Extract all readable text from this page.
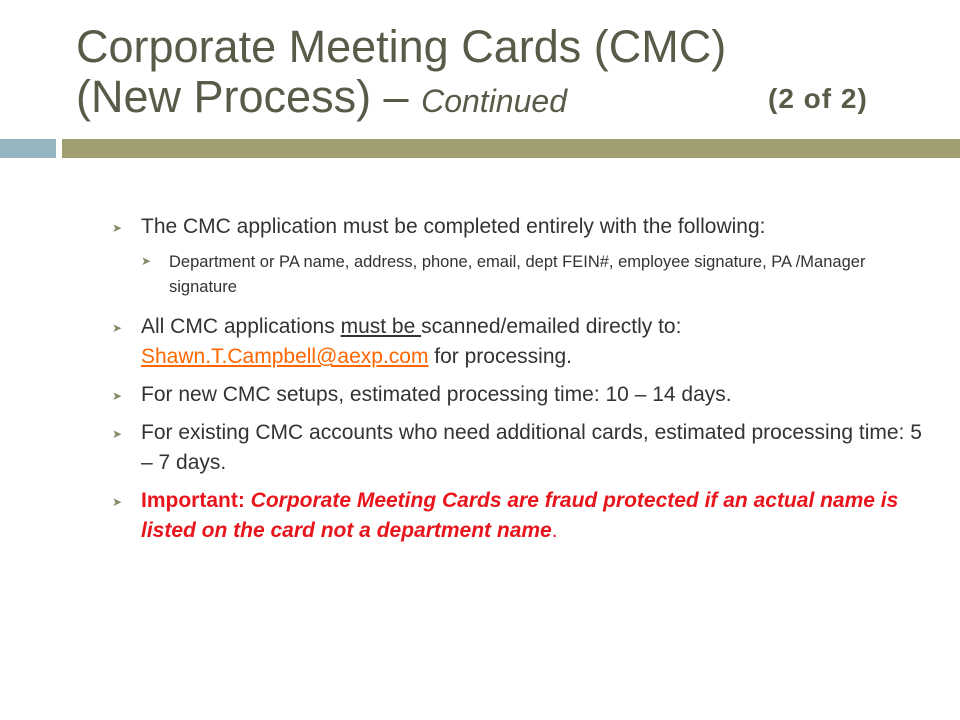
Corporate Meeting Cards (CMC)
(New Process) – Continued	(2 of 2)
➤ The CMC application must be completed entirely with the following:
➤ Department or PA name, address, phone, email, dept FEIN#, employee signature, PA /Manager signature
➤ All CMC applications must be scanned/emailed directly to: Shawn.T.Campbell@aexp.com for processing.
➤ For new CMC setups, estimated processing time: 10 – 14 days.
➤ For existing CMC accounts who need additional cards, estimated processing time: 5 – 7 days.
➤ Important: Corporate Meeting Cards are fraud protected if an actual name is listed on the card not a department name.
